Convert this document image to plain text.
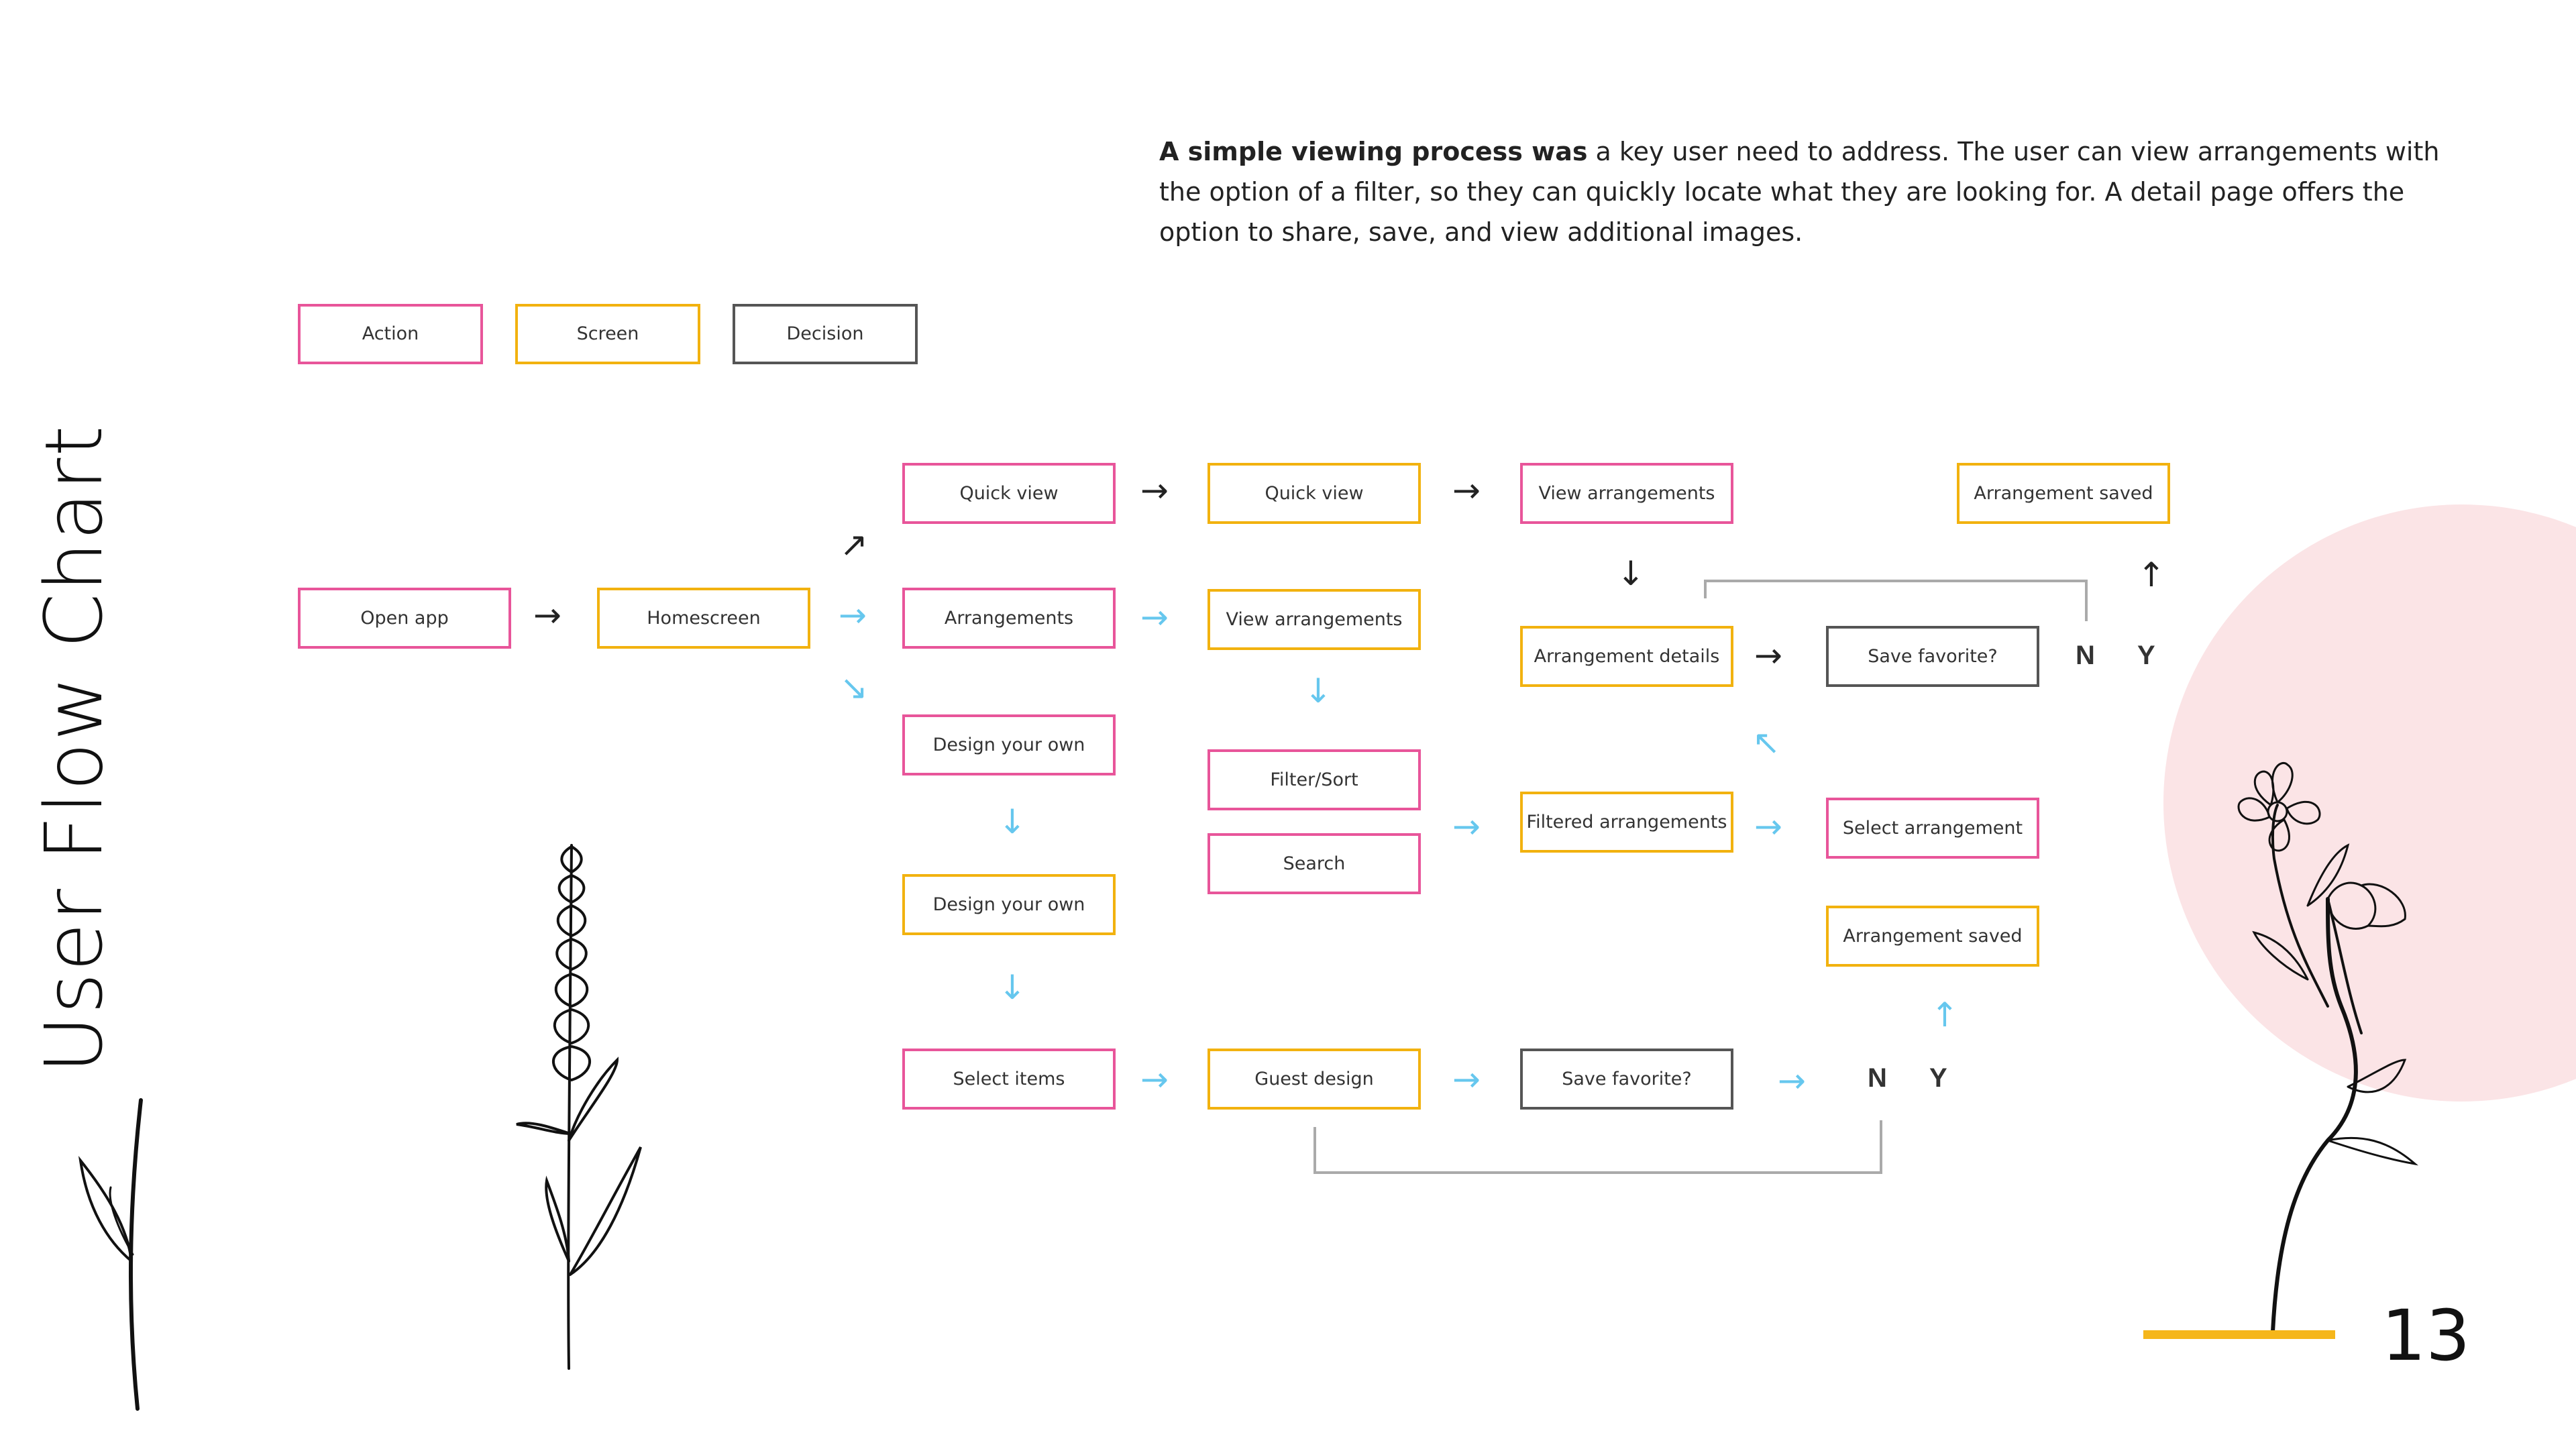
A simple viewing process was a key user need to address. The user can view arrangements with the option of a filter, so they can quickly locate what they are looking for. A detail page offers the option to share, save, and view additional images.
User Flow Chart
Action	Screen	Decision
Open app	→	Homescreen	→
↗
↘
Quick view
Arrangements
Design your own
↓
Design your own
↓
Select items
→
→
→
Quick view
View arrangements
↓
Filter/Sort
Search
Guest design
→
→
→
View arrangements
↓
Arrangement details
Filtered arrangements
Save favorite?
→
→
↖
→
Save favorite?
Select arrangement
Arrangement saved
↑
N Y
N Y
↑
Arrangement saved
13
